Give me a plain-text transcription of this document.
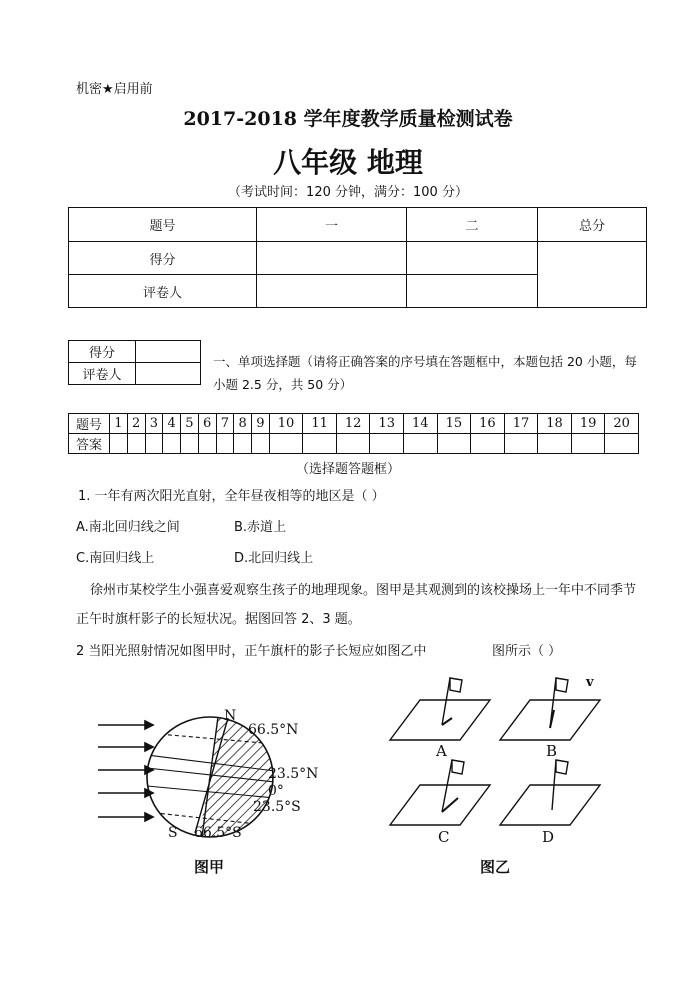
机密★启用前
2017-2018 学年度教学质量检测试卷
八年级 地理
（考试时间：120 分钟，满分：100 分）
题号	一	二	总分
得分			
评卷人			
得分	
评卷人	
一、单项选择题（请将正确答案的序号填在答题框中，本题包括 20 小题，每小题 2.5 分，共 50 分）
题号	1	2	3	4	5	6	7	8	9	10	11	12	13	14	15	16	17	18	19	20
答案																				
（选择题答题框）
1. 一年有两次阳光直射，全年昼夜相等的地区是（ ）
A.南北回归线之间	B.赤道上
C.南回归线上	D.北回归线上
徐州市某校学生小强喜爱观察生孩子的地理现象。图甲是其观测到的该校操场上一年中不同季节正午时旗杆影子的长短状况。据图回答 2、3 题。
2 当阳光照射情况如图甲时，正午旗杆的影子长短应如图乙中	图所示（ ）
N
66.5°N
23.5°N
0°
23.5°S
S 66.5°S
图甲
A	B
C	D
v
图乙
